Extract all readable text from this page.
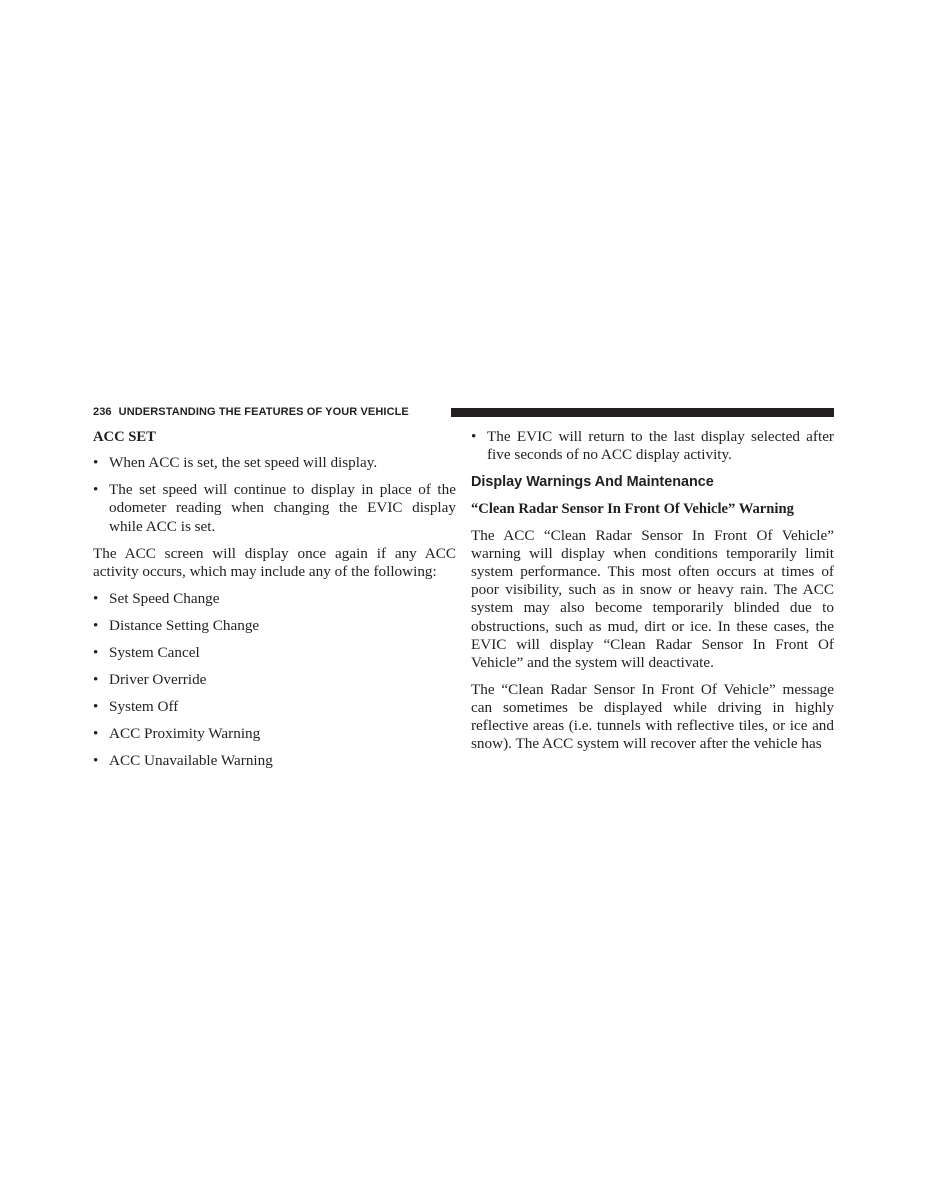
236 UNDERSTANDING THE FEATURES OF YOUR VEHICLE
ACC SET
• When ACC is set, the set speed will display.
• The set speed will continue to display in place of the odometer reading when changing the EVIC display while ACC is set.

The ACC screen will display once again if any ACC activity occurs, which may include any of the following:

• Set Speed Change
• Distance Setting Change
• System Cancel
• Driver Override
• System Off
• ACC Proximity Warning
• ACC Unavailable Warning
• The EVIC will return to the last display selected after five seconds of no ACC display activity.
Display Warnings And Maintenance
“Clean Radar Sensor In Front Of Vehicle” Warning

The ACC “Clean Radar Sensor In Front Of Vehicle” warning will display when conditions temporarily limit system performance. This most often occurs at times of poor visibility, such as in snow or heavy rain. The ACC system may also become temporarily blinded due to obstructions, such as mud, dirt or ice. In these cases, the EVIC will display “Clean Radar Sensor In Front Of Vehicle” and the system will deactivate.

The “Clean Radar Sensor In Front Of Vehicle” message can sometimes be displayed while driving in highly reflective areas (i.e. tunnels with reflective tiles, or ice and snow). The ACC system will recover after the vehicle has
